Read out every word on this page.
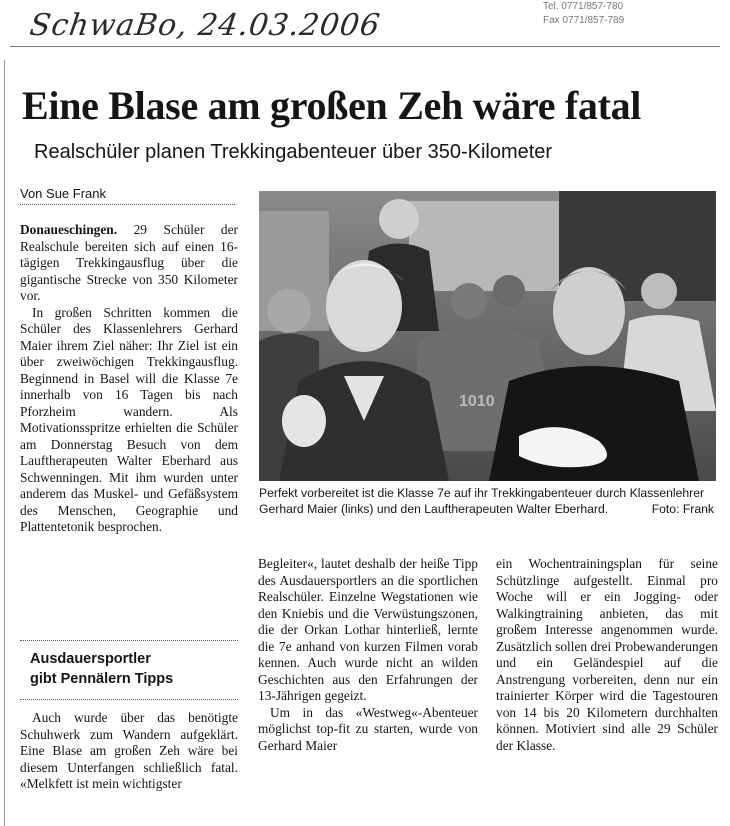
SchwaBo, 24.03.2006
Tel. 0771/857-780
Fax 0771/857-789
Eine Blase am großen Zeh wäre fatal
Realschüler planen Trekkingabenteuer über 350-Kilometer
Von Sue Frank

Donaueschingen. 29 Schüler der Realschule bereiten sich auf einen 16-tägigen Trekkingausflug über die gigantische Strecke von 350 Kilometer vor.

In großen Schritten kommen die Schüler des Klassenlehrers Gerhard Maier ihrem Ziel näher: Ihr Ziel ist ein über zweiwöchigen Trekkingausflug. Beginnend in Basel will die Klasse 7e innerhalb von 16 Tagen bis nach Pforzheim wandern. Als Motivationsspritze erhielten die Schüler am Donnerstag Besuch von dem Lauftherapeuten Walter Eberhard aus Schwenningen. Mit ihm wurden unter anderem das Muskel- und Gefäßsystem des Menschen, Geographie und Plattentetonik besprochen.

Ausdauersportler
gibt Pennälern Tipps

Auch wurde über das benötigte Schuhwerk zum Wandern aufgeklärt. Eine Blase am großen Zeh wäre bei diesem Unterfangen schließlich fatal. «Melkfett ist mein wichtigster

1010
Perfekt vorbereitet ist die Klasse 7e auf ihr Trekkingabenteuer durch Klassenlehrer Gerhard Maier (links) und den Lauftherapeuten Walter Eberhard.	Foto: Frank

Begleiter«, lautet deshalb der heiße Tipp des Ausdauersportlers an die sportlichen Realschüler. Einzelne Wegstationen wie den Kniebis und die Verwüstungszonen, die der Orkan Lothar hinterließ, lernte die 7e anhand von kurzen Filmen vorab kennen. Auch wurde nicht an wilden Geschichten aus den Erfahrungen der 13-Jährigen gegeizt.

Um in das «Westweg«-Abenteuer möglichst top-fit zu starten, wurde von Gerhard Maier

ein Wochentrainingsplan für seine Schützlinge aufgestellt. Einmal pro Woche will er ein Jogging- oder Walkingtraining anbieten, das mit großem Interesse angenommen wurde. Zusätzlich sollen drei Probewanderungen und ein Geländespiel auf die Anstrengung vorbereiten, denn nur ein trainierter Körper wird die Tagestouren von 14 bis 20 Kilometern durchhalten können. Motiviert sind alle 29 Schüler der Klasse.
